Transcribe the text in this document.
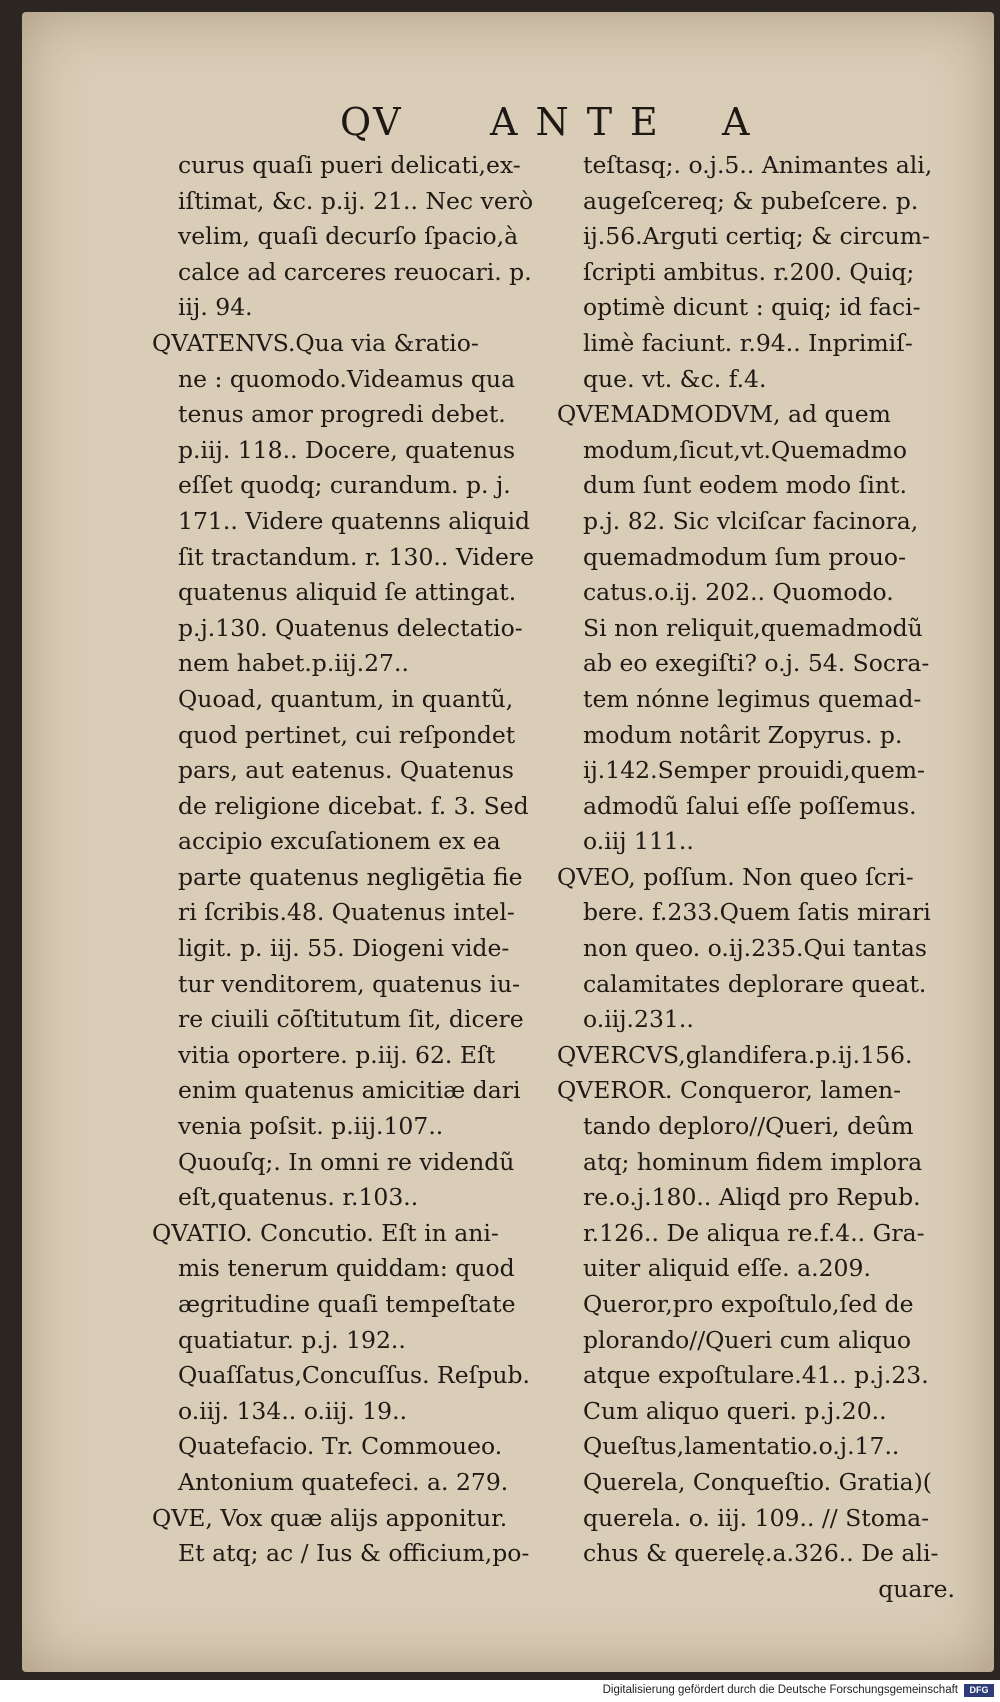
QV ANTE A
curus quaſi pueri delicati,ex-
iſtimat, &c. p.ij. 21.. Nec verò
velim, quaſi decurſo ſpacio,à
calce ad carceres reuocari. p.
iij. 94.
QVATENVS.Qua via &ratio-
ne : quomodo.Videamus qua
tenus amor progredi debet.
p.iij. 118.. Docere, quatenus
eſſet quodq; curandum. p. j.
171.. Videre quatenns aliquid
ſit tractandum. r. 130.. Videre
quatenus aliquid ſe attingat.
p.j.130. Quatenus delectatio-
nem habet.p.iij.27..
Quoad, quantum, in quantũ,
quod pertinet, cui reſpondet
pars, aut eatenus. Quatenus
de religione dicebat. f. 3. Sed
accipio excuſationem ex ea
parte quatenus negligētia fie
ri ſcribis.48. Quatenus intel-
ligit. p. iij. 55. Diogeni vide-
tur venditorem, quatenus iu-
re ciuili cōſtitutum ſit, dicere
vitia oportere. p.iij. 62. Eſt
enim quatenus amicitiæ dari
venia poſsit. p.iij.107..
Quouſq;. In omni re videndũ
eſt,quatenus. r.103..
QVATIO. Concutio. Eſt in ani-
mis tenerum quiddam: quod
ægritudine quaſi tempeſtate
quatiatur. p.j. 192..
Quaſſatus,Concuſſus. Reſpub.
o.iij. 134.. o.iij. 19..
Quatefacio. Tr. Commoueo.
Antonium quatefeci. a. 279.
QVE, Vox quæ alijs apponitur.
Et atq; ac / Ius & officium,po-
teſtasq;. o.j.5.. Animantes ali,
augeſcereq; & pubeſcere. p.
ij.56.Arguti certiq; & circum-
ſcripti ambitus. r.200. Quiq;
optimè dicunt : quiq; id faci-
limè faciunt. r.94.. Inprimiſ-
que. vt. &c. f.4.
QVEMADMODVM, ad quem
modum,ſicut,vt.Quemadmo
dum ſunt eodem modo ſint.
p.j. 82. Sic vlciſcar facinora,
quemadmodum ſum prouo-
catus.o.ij. 202.. Quomodo.
Si non reliquit,quemadmodũ
ab eo exegiſti? o.j. 54. Socra-
tem nónne legimus quemad-
modum notârit Zopyrus. p.
ij.142.Semper prouidi,quem-
admodũ ſalui eſſe poſſemus.
o.iij 111..
QVEO, poſſum. Non queo ſcri-
bere. f.233.Quem ſatis mirari
non queo. o.ij.235.Qui tantas
calamitates deplorare queat.
o.iij.231..
QVERCVS,glandifera.p.ij.156.
QVEROR. Conqueror, lamen-
tando deploro//Queri, deûm
atq; hominum fidem implora
re.o.j.180.. Aliqd pro Repub.
r.126.. De aliqua re.f.4.. Gra-
uiter aliquid eſſe. a.209.
Queror,pro expoſtulo,ſed de
plorando//Queri cum aliquo
atque expoſtulare.41.. p.j.23.
Cum aliquo queri. p.j.20..
Queſtus,lamentatio.o.j.17..
Querela, Conqueſtio. Gratia)(
querela. o. iij. 109.. // Stoma-
chus & querelę.a.326.. De ali-
quare.
Digitalisierung gefördert durch die Deutsche Forschungsgemeinschaft	DFG
